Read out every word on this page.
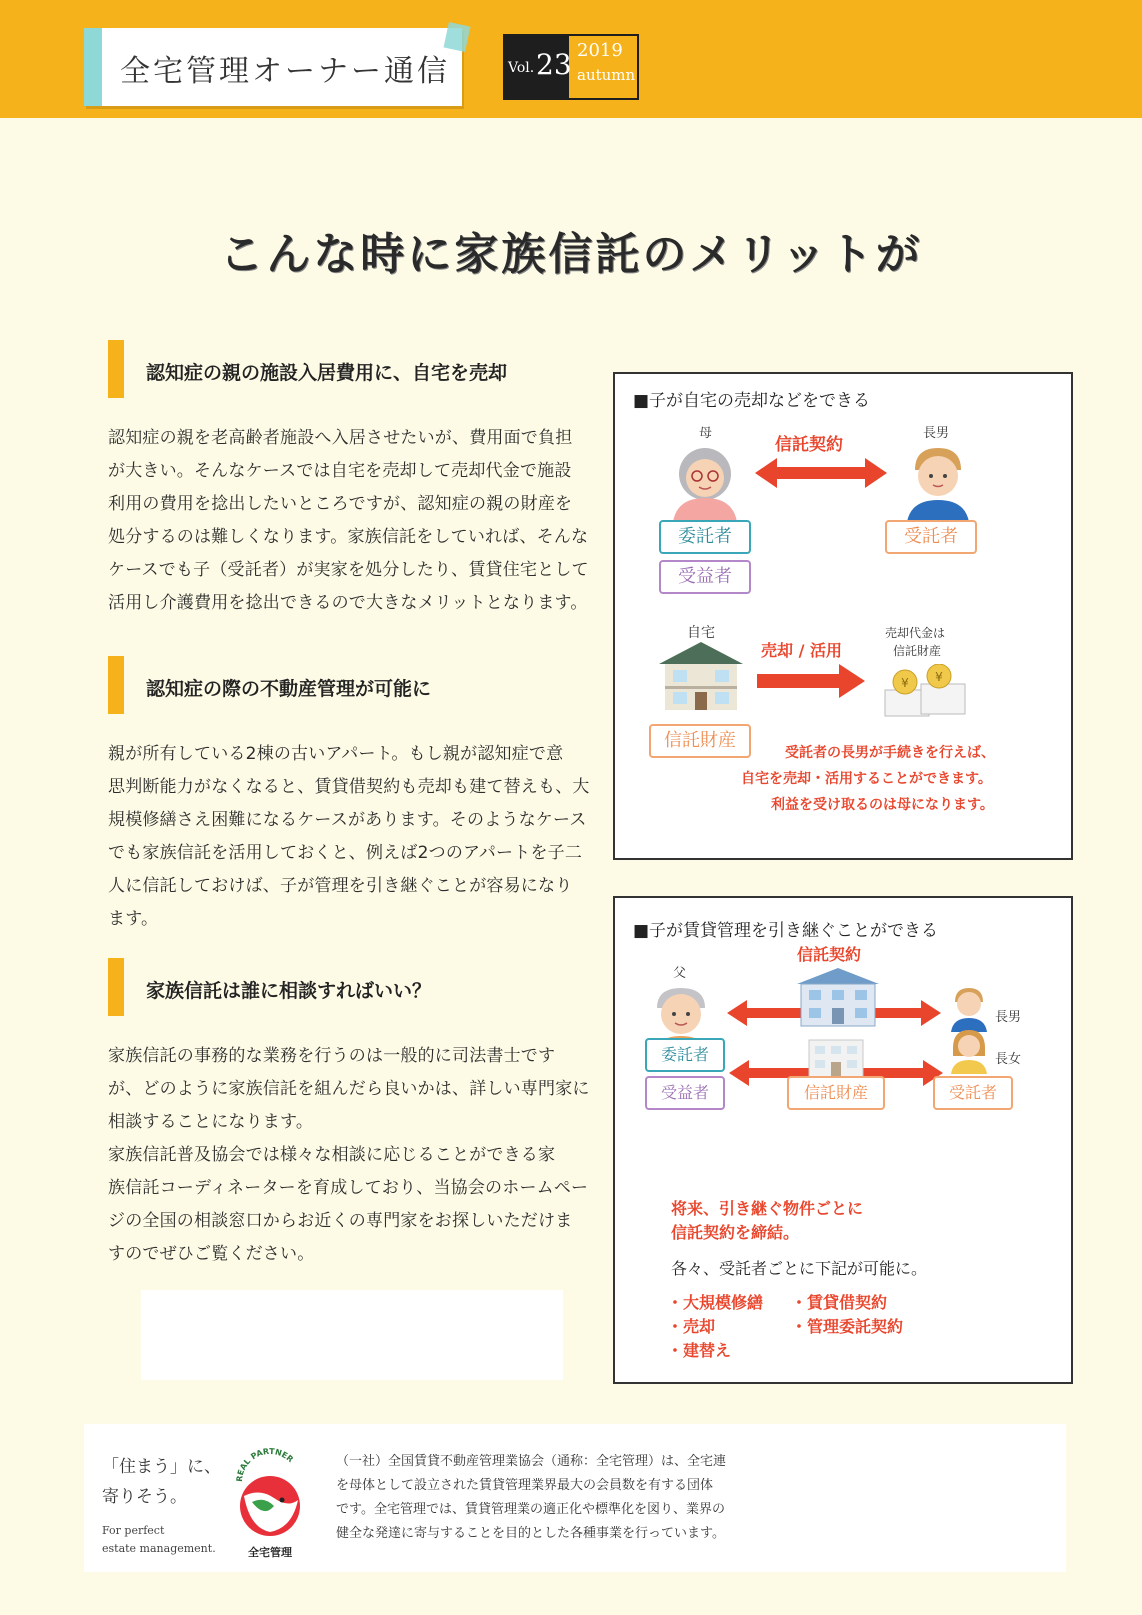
全宅管理オーナー通信	Vol. 23 2019
autumn
こんな時に家族信託のメリットが
認知症の親の施設入居費用に、自宅を売却

認知症の親を老高齢者施設へ入居させたいが、費用面で負担

が大きい。そんなケースでは自宅を売却して売却代金で施設

利用の費用を捻出したいところですが、認知症の親の財産を

処分するのは難しくなります。家族信託をしていれば、そんな

ケースでも子（受託者）が実家を処分したり、賃貸住宅として

活用し介護費用を捻出できるので大きなメリットとなります。

認知症の際の不動産管理が可能に

親が所有している2棟の古いアパート。もし親が認知症で意

思判断能力がなくなると、賃貸借契約も売却も建て替えも、大

規模修繕さえ困難になるケースがあります。そのようなケース

でも家族信託を活用しておくと、例えば2つのアパートを子二

人に信託しておけば、子が管理を引き継ぐことが容易になり

ます。

家族信託は誰に相談すればいい？

家族信託の事務的な業務を行うのは一般的に司法書士です

が、どのように家族信託を組んだら良いかは、詳しい専門家に

相談することになります。

家族信託普及協会では様々な相談に応じることができる家

族信託コーディネーターを育成しており、当協会のホームペー

ジの全国の相談窓口からお近くの専門家をお探しいただけま

すのでぜひご覧ください。

■子が自宅の売却などをできる
母	長男
信託契約
委託者
受益者
受託者
自宅
売却 / 活用
売却代金は
信託財産
¥ ¥
信託財産
受託者の長男が手続きを行えば、
自宅を売却・活用することができます。
利益を受け取るのは母になります。
■子が賃貸管理を引き継ぐことができる
父
信託契約
長男
長女
委託者
受益者	信託財産	受託者
将来、引き継ぐ物件ごとに
信託契約を締結。
各々、受託者ごとに下記が可能に。
・大規模修繕 ・賃貸借契約
・売却	・管理委託契約
・建替え
「住まう」に、
寄りそう。
For perfect
estate management.
REAL PARTNER
全宅管理
（一社）全国賃貸不動産管理業協会（通称：全宅管理）は、全宅連
を母体として設立された賃貸管理業界最大の会員数を有する団体
です。全宅管理では、賃貸管理業の適正化や標準化を図り、業界の
健全な発達に寄与することを目的とした各種事業を行っています。
